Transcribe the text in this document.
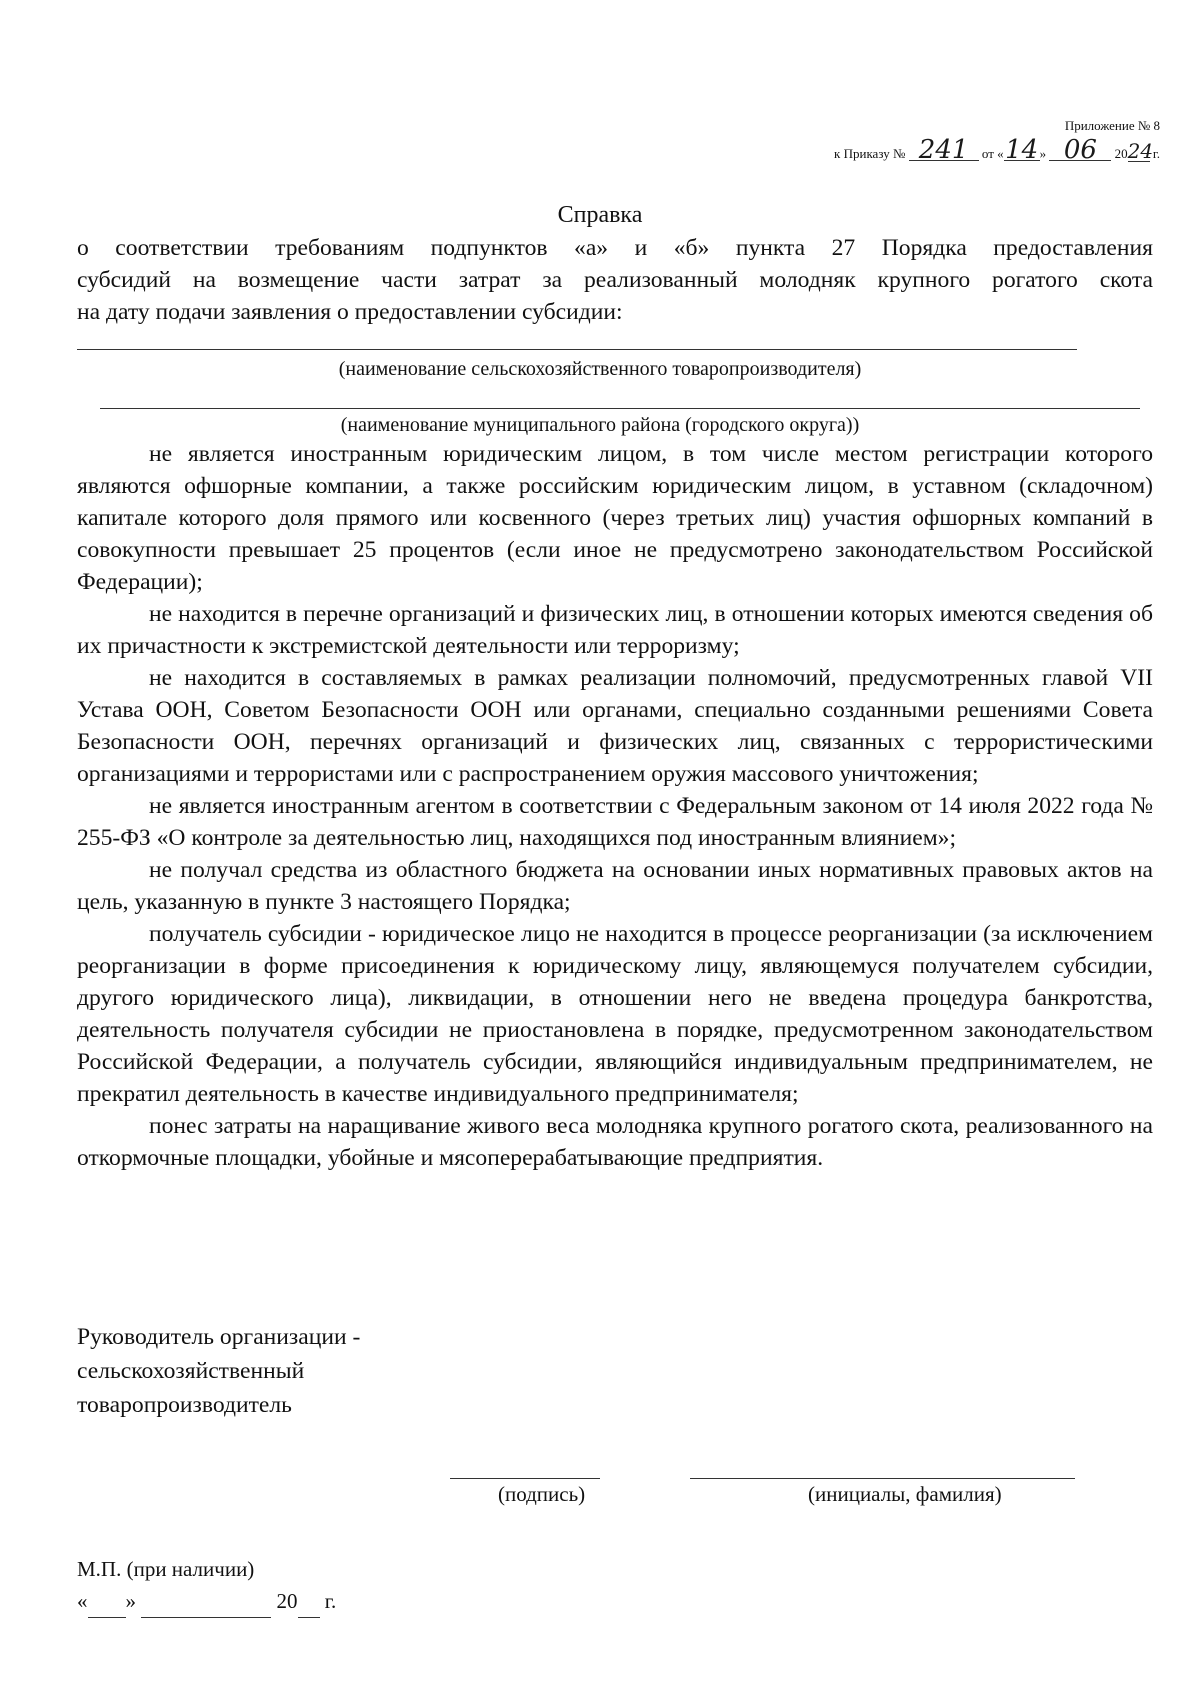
Приложение № 8
к Приказу № 241 от «14» 06 2024 г.
Справка
о соответствии требованиям подпунктов «а» и «б» пункта 27 Порядка предоставления
субсидий на возмещение части затрат за реализованный молодняк крупного рогатого скота
на дату подачи заявления о предоставлении субсидии:
(наименование сельскохозяйственного товаропроизводителя)
(наименование муниципального района (городского округа))

не является иностранным юридическим лицом, в том числе местом регистрации которого являются офшорные компании, а также российским юридическим лицом, в уставном (складочном) капитале которого доля прямого или косвенного (через третьих лиц) участия офшорных компаний в совокупности превышает 25 процентов (если иное не предусмотрено законодательством Российской Федерации);

не находится в перечне организаций и физических лиц, в отношении которых имеются сведения об их причастности к экстремистской деятельности или терроризму;

не находится в составляемых в рамках реализации полномочий, предусмотренных главой VII Устава ООН, Советом Безопасности ООН или органами, специально созданными решениями Совета Безопасности ООН, перечнях организаций и физических лиц, связанных с террористическими организациями и террористами или с распространением оружия массового уничтожения;

не является иностранным агентом в соответствии с Федеральным законом от 14 июля 2022 года № 255-ФЗ «О контроле за деятельностью лиц, находящихся под иностранным влиянием»;

не получал средства из областного бюджета на основании иных нормативных правовых актов на цель, указанную в пункте 3 настоящего Порядка;

получатель субсидии - юридическое лицо не находится в процессе реорганизации (за исключением реорганизации в форме присоединения к юридическому лицу, являющемуся получателем субсидии, другого юридического лица), ликвидации, в отношении него не введена процедура банкротства, деятельность получателя субсидии не приостановлена в порядке, предусмотренном законодательством Российской Федерации, а получатель субсидии, являющийся индивидуальным предпринимателем, не прекратил деятельность в качестве индивидуального предпринимателя;

понес затраты на наращивание живого веса молодняка крупного рогатого скота, реализованного на откормочные площадки, убойные и мясоперерабатывающие предприятия.

Руководитель организации -
сельскохозяйственный
товаропроизводитель
(подпись)	(инициалы, фамилия)
М.П. (при наличии)
« »	20 г.
